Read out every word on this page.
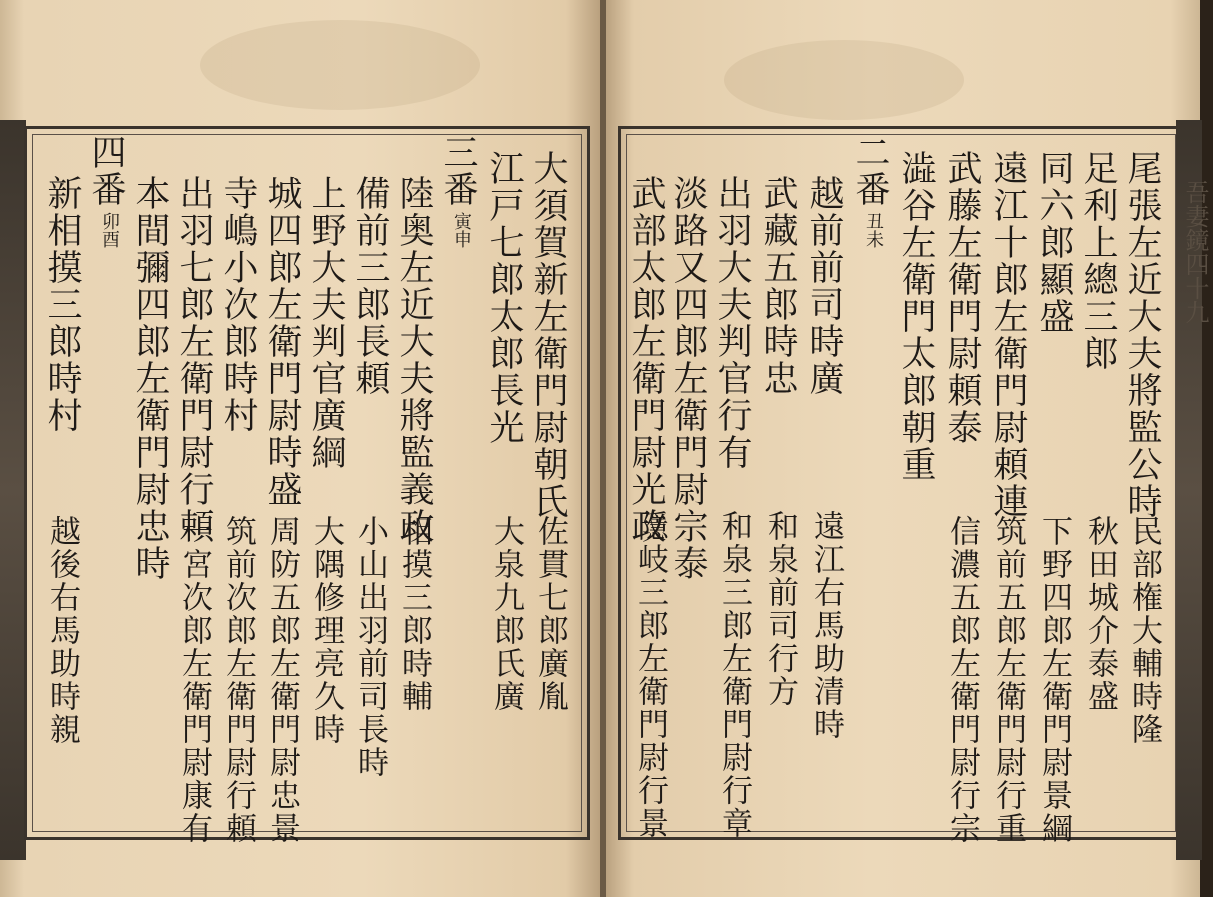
吾妻鏡四十九
尾張左近大夫將監公時
足利上總三郎
同六郎顯盛
遠江十郎左衛門尉頼連
武藤左衛門尉頼泰
澁谷左衛門太郎朝重
二番
丑未
越前前司時廣
武藏五郎時忠
出羽大夫判官行有
淡路又四郎左衛門尉宗泰
武部太郎左衛門尉光政
民部権大輔時隆
秋田城介泰盛
下野四郎左衛門尉景綱
筑前五郎左衛門尉行重
信濃五郎左衛門尉行宗
遠江右馬助清時
和泉前司行方
和泉三郎左衛門尉行章
隱岐三郎左衛門尉行景
大須賀新左衛門尉朝氏
江戸七郎太郎長光
三番
寅申
陸奥左近大夫將監義政
備前三郎長頼
上野大夫判官廣綱
城四郎左衛門尉時盛
寺嶋小次郎時村
出羽七郎左衛門尉行頼
本間彌四郎左衛門尉忠時
四番
卯酉
新相摸三郎時村
佐貫七郎廣胤
大泉九郎氏廣
相摸三郎時輔
小山出羽前司長時
大隅修理亮久時
周防五郎左衛門尉忠景
筑前次郎左衛門尉行頼
一宮次郎左衛門尉康有
越後右馬助時親
